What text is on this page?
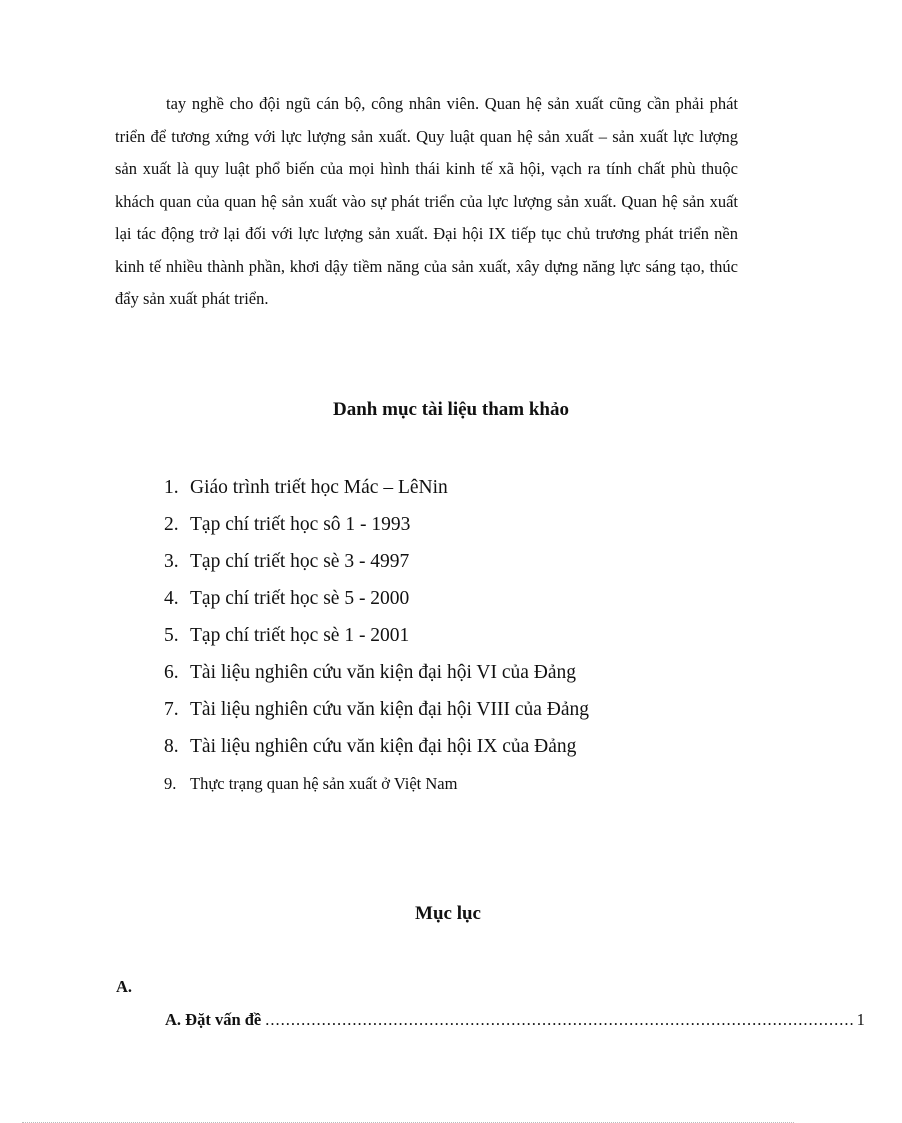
tay nghề cho đội ngũ cán bộ, công nhân viên. Quan hệ sản xuất cũng cần phải phát triển để tương xứng với lực lượng sản xuất. Quy luật quan hệ sản xuất – sản xuất lực lượng sản xuất là quy luật phổ biến của mọi hình thái kinh tế xã hội, vạch ra tính chất phù thuộc khách quan của quan hệ sản xuất vào sự phát triển của lực lượng sản xuất. Quan hệ sản xuất lại tác động trở lại đối với lực lượng sản xuất. Đại hội IX tiếp tục chủ trương phát triển nền kinh tế nhiều thành phần, khơi dậy tiềm năng của sản xuất, xây dựng năng lực sáng tạo, thúc đẩy sản xuất phát triển.

Danh mục tài liệu tham khảo
1. Giáo trình triết học Mác – LêNin
2. Tạp chí triết học sô 1 - 1993
3. Tạp chí triết học sè 3 - 4997
4. Tạp chí triết học sè 5 - 2000
5. Tạp chí triết học sè 1 - 2001
6. Tài liệu nghiên cứu văn kiện đại hội VI của Đảng
7. Tài liệu nghiên cứu văn kiện đại hội VIII của Đảng
8. Tài liệu nghiên cứu văn kiện đại hội IX của Đảng
9. Thực trạng quan hệ sản xuất ở Việt Nam
Mục lục

A.

A. Đặt vấn đề ................................................................................................................... 1
